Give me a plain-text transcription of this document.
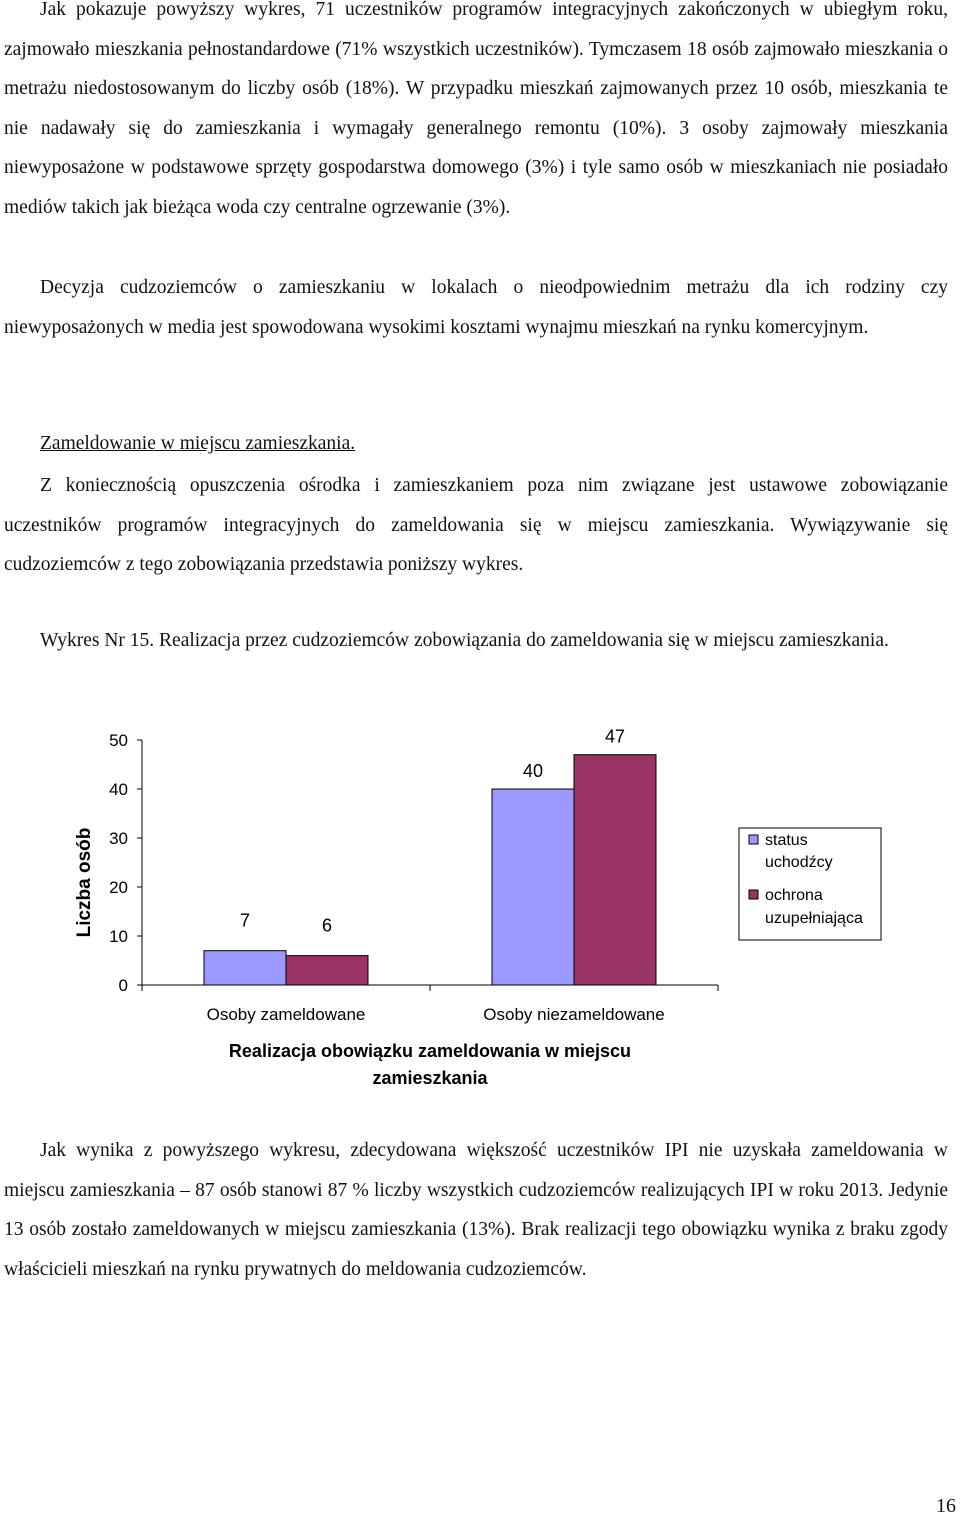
Jak pokazuje powyższy wykres, 71 uczestników programów integracyjnych zakończonych w ubiegłym roku, zajmowało mieszkania pełnostandardowe (71% wszystkich uczestników). Tymczasem 18 osób zajmowało mieszkania o metrażu niedostosowanym do liczby osób (18%). W przypadku mieszkań zajmowanych przez 10 osób, mieszkania te nie nadawały się do zamieszkania i wymagały generalnego remontu (10%). 3 osoby zajmowały mieszkania niewyposażone w podstawowe sprzęty gospodarstwa domowego (3%) i tyle samo osób w mieszkaniach nie posiadało mediów takich jak bieżąca woda czy centralne ogrzewanie (3%).

Decyzja cudzoziemców o zamieszkaniu w lokalach o nieodpowiednim metrażu dla ich rodziny czy niewyposażonych w media jest spowodowana wysokimi kosztami wynajmu mieszkań na rynku komercyjnym.

Zameldowanie w miejscu zamieszkania.

Z koniecznością opuszczenia ośrodka i zamieszkaniem poza nim związane jest ustawowe zobowiązanie uczestników programów integracyjnych do zameldowania się w miejscu zamieszkania. Wywiązywanie się cudzoziemców z tego zobowiązania przedstawia poniższy wykres.

Wykres Nr 15. Realizacja przez cudzoziemców zobowiązania do zameldowania się w miejscu zamieszkania.

0
10
20
30
40
50
Liczba osób	7	6
Osoby zameldowane
40
47
Osoby niezameldowane
Realizacja obowiązku zameldowania w miejscu zamieszkania
status uchodźcy
ochrona uzupełniająca

Jak wynika z powyższego wykresu, zdecydowana większość uczestników IPI nie uzyskała zameldowania w miejscu zamieszkania – 87 osób stanowi 87 % liczby wszystkich cudzoziemców realizujących IPI w roku 2013. Jedynie 13 osób zostało zameldowanych w miejscu zamieszkania (13%). Brak realizacji tego obowiązku wynika z braku zgody właścicieli mieszkań na rynku prywatnych do meldowania cudzoziemców.

16
